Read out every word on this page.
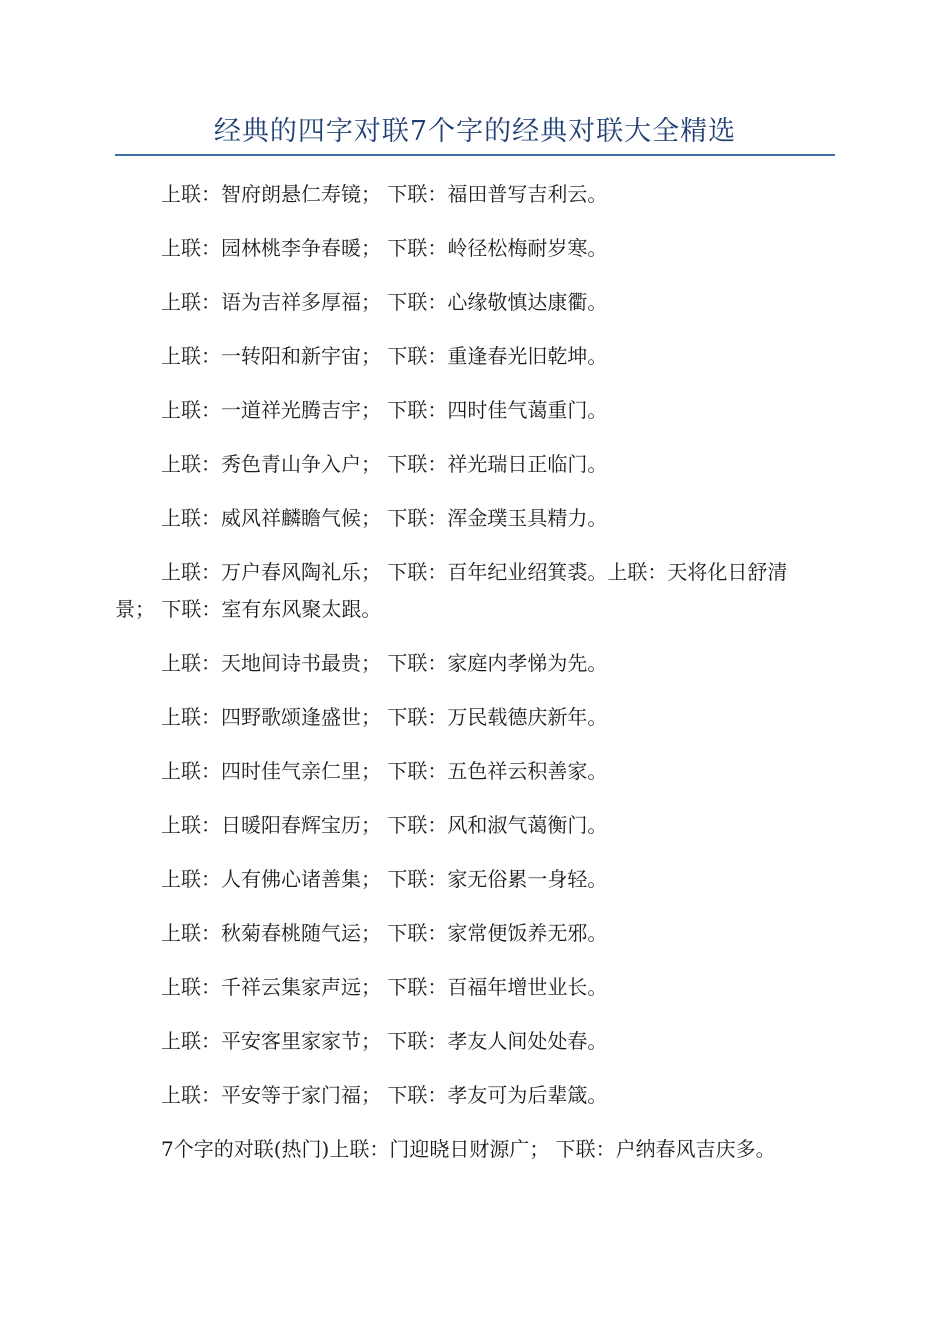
经典的四字对联7个字的经典对联大全精选

上联：智府朗悬仁寿镜； 下联：福田普写吉利云。

上联：园林桃李争春暖； 下联：岭径松梅耐岁寒。

上联：语为吉祥多厚福； 下联：心缘敬慎达康衢。

上联：一转阳和新宇宙； 下联：重逢春光旧乾坤。

上联：一道祥光腾吉宇； 下联：四时佳气蔼重门。

上联：秀色青山争入户； 下联：祥光瑞日正临门。

上联：威风祥麟瞻气候； 下联：浑金璞玉具精力。

上联：万户春风陶礼乐； 下联：百年纪业绍箕裘。上联：天将化日舒清景； 下联：室有东风聚太跟。

上联：天地间诗书最贵； 下联：家庭内孝悌为先。

上联：四野歌颂逢盛世； 下联：万民载德庆新年。

上联：四时佳气亲仁里； 下联：五色祥云积善家。

上联：日暖阳春辉宝历； 下联：风和淑气蔼衡门。

上联：人有佛心诸善集； 下联：家无俗累一身轻。

上联：秋菊春桃随气运； 下联：家常便饭养无邪。

上联：千祥云集家声远； 下联：百福年增世业长。

上联：平安客里家家节； 下联：孝友人间处处春。

上联：平安等于家门福； 下联：孝友可为后辈箴。

7个字的对联(热门)上联：门迎晓日财源广； 下联：户纳春风吉庆多。
